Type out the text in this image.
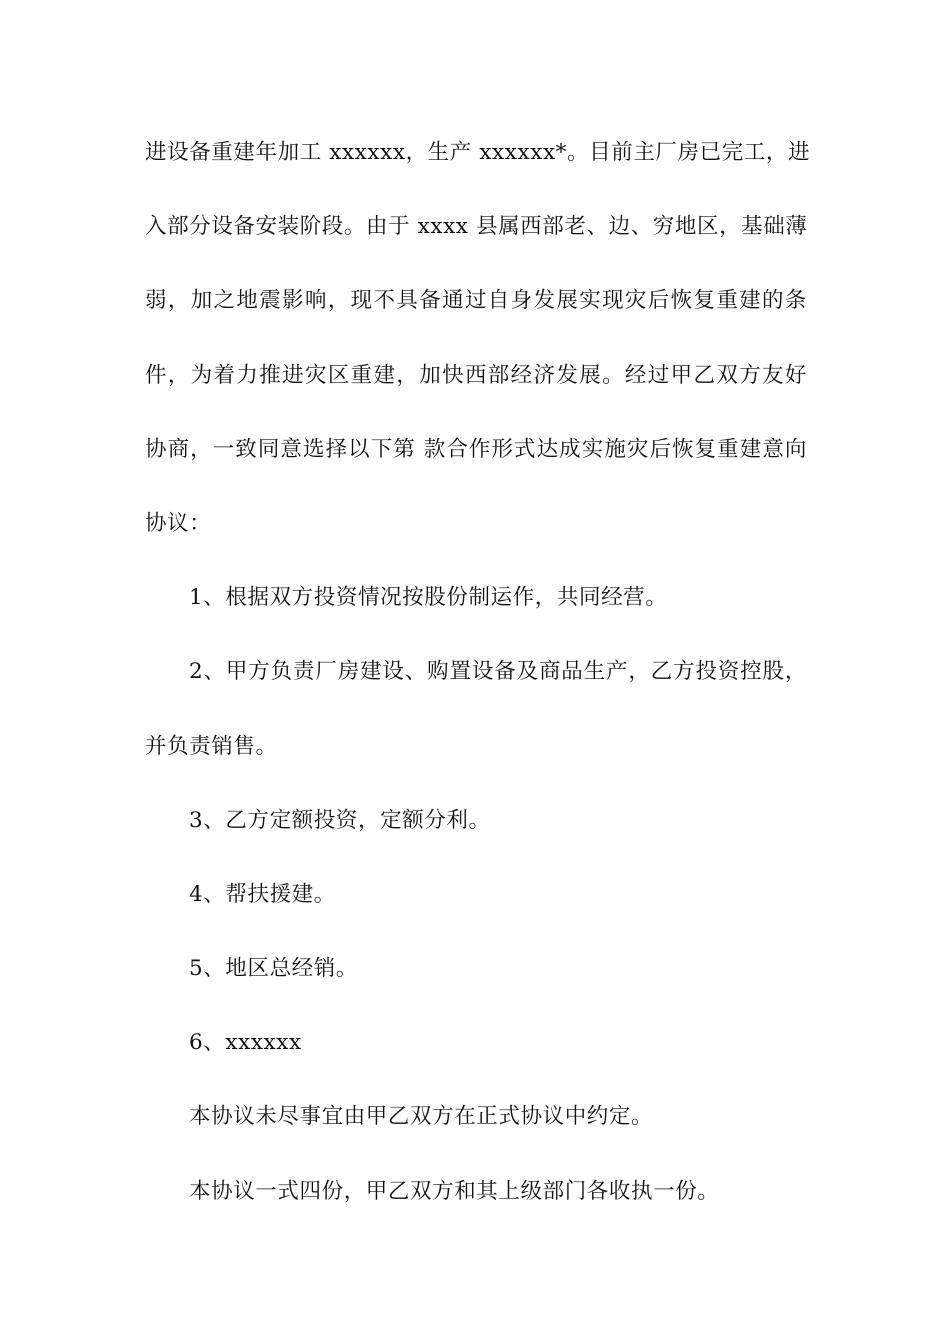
进设备重建年加工 xxxxxx，生产 xxxxxx*。目前主厂房已完工，进
入部分设备安装阶段。由于 xxxx 县属西部老、边、穷地区，基础薄
弱，加之地震影响，现不具备通过自身发展实现灾后恢复重建的条
件，为着力推进灾区重建，加快西部经济发展。经过甲乙双方友好
协商，一致同意选择以下第 款合作形式达成实施灾后恢复重建意向
协议：
1、根据双方投资情况按股份制运作，共同经营。
2、甲方负责厂房建设、购置设备及商品生产，乙方投资控股，
并负责销售。
3、乙方定额投资，定额分利。
4、帮扶援建。
5、地区总经销。
6、xxxxxx
本协议未尽事宜由甲乙双方在正式协议中约定。
本协议一式四份，甲乙双方和其上级部门各收执一份。
